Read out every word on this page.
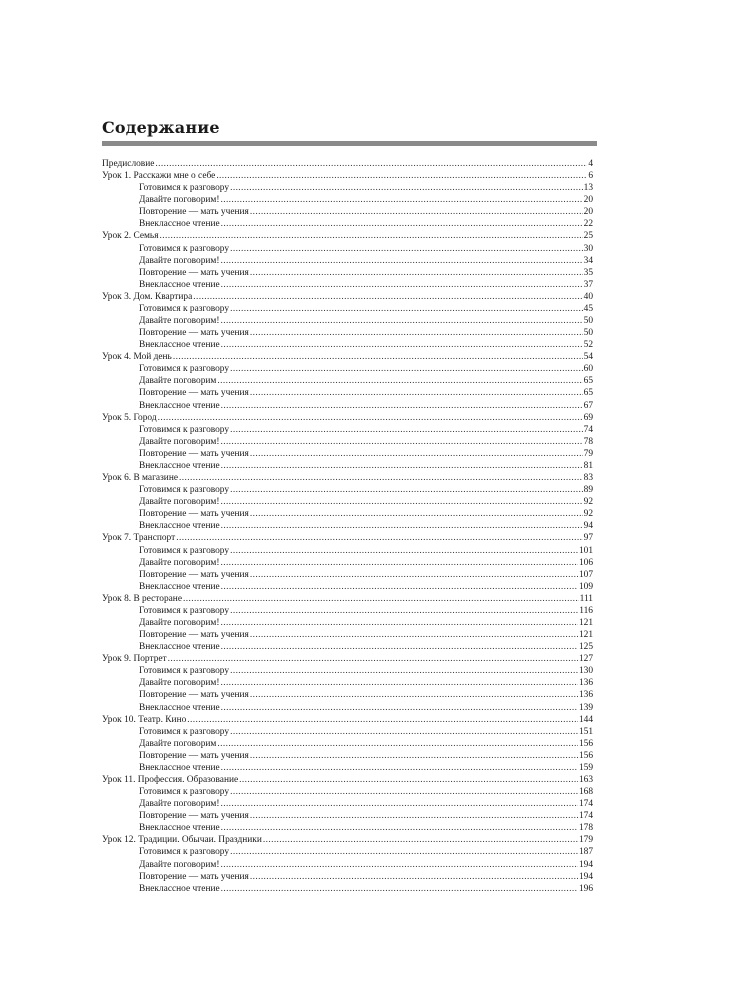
Содержание
Предисловие .....	4
Урок 1. Расскажи мне о себе .....	6
Готовимся к разговору .....	13
Давайте поговорим! .....	20
Повторение — мать учения .....	20
Внеклассное чтение .....	22
Урок 2. Семья .....	25
Готовимся к разговору .....	30
Давайте поговорим! .....	34
Повторение — мать учения .....	35
Внеклассное чтение .....	37
Урок 3. Дом. Квартира .....	40
Готовимся к разговору .....	45
Давайте поговорим! .....	50
Повторение — мать учения .....	50
Внеклассное чтение .....	52
Урок 4. Мой день .....	54
Готовимся к разговору .....	60
Давайте поговорим .....	65
Повторение — мать учения .....	65
Внеклассное чтение .....	67
Урок 5. Город .....	69
Готовимся к разговору .....	74
Давайте поговорим! .....	78
Повторение — мать учения .....	79
Внеклассное чтение .....	81
Урок 6. В магазине .....	83
Готовимся к разговору .....	89
Давайте поговорим! .....	92
Повторение — мать учения .....	92
Внеклассное чтение .....	94
Урок 7. Транспорт .....	97
Готовимся к разговору .....	101
Давайте поговорим! .....	106
Повторение — мать учения .....	107
Внеклассное чтение .....	109
Урок 8. В ресторане .....	111
Готовимся к разговору .....	116
Давайте поговорим! .....	121
Повторение — мать учения .....	121
Внеклассное чтение .....	125
Урок 9. Портрет .....	127
Готовимся к разговору .....	130
Давайте поговорим! .....	136
Повторение — мать учения .....	136
Внеклассное чтение .....	139
Урок 10. Театр. Кино .....	144
Готовимся к разговору .....	151
Давайте поговорим .....	156
Повторение — мать учения .....	156
Внеклассное чтение .....	159
Урок 11. Профессия. Образование .....	163
Готовимся к разговору .....	168
Давайте поговорим! .....	174
Повторение — мать учения .....	174
Внеклассное чтение .....	178
Урок 12. Традиции. Обычаи. Праздники .....	179
Готовимся к разговору .....	187
Давайте поговорим! .....	194
Повторение — мать учения .....	194
Внеклассное чтение .....	196
